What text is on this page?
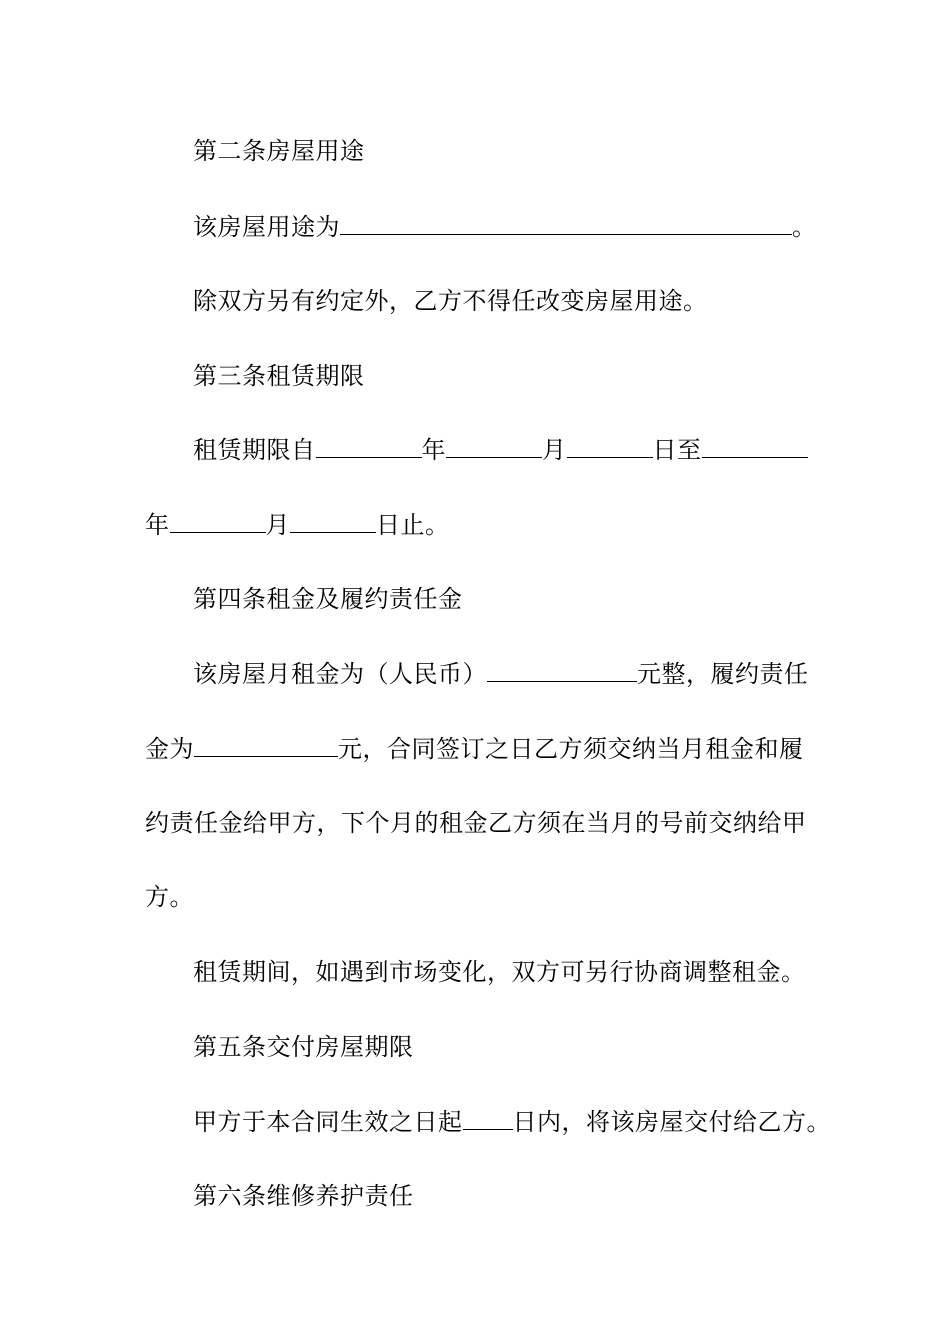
第二条房屋用途
该房屋用途为	。
除双方另有约定外，乙方不得任改变房屋用途。
第三条租赁期限
租赁期限自	年	月	日至
年	月	日止。
第四条租金及履约责任金
该房屋月租金为（人民币）	元整，履约责任
金为	元，合同签订之日乙方须交纳当月租金和履
约责任金给甲方，下个月的租金乙方须在当月的号前交纳给甲
方。
租赁期间，如遇到市场变化，双方可另行协商调整租金。
第五条交付房屋期限
甲方于本合同生效之日起 日内，将该房屋交付给乙方。
第六条维修养护责任
